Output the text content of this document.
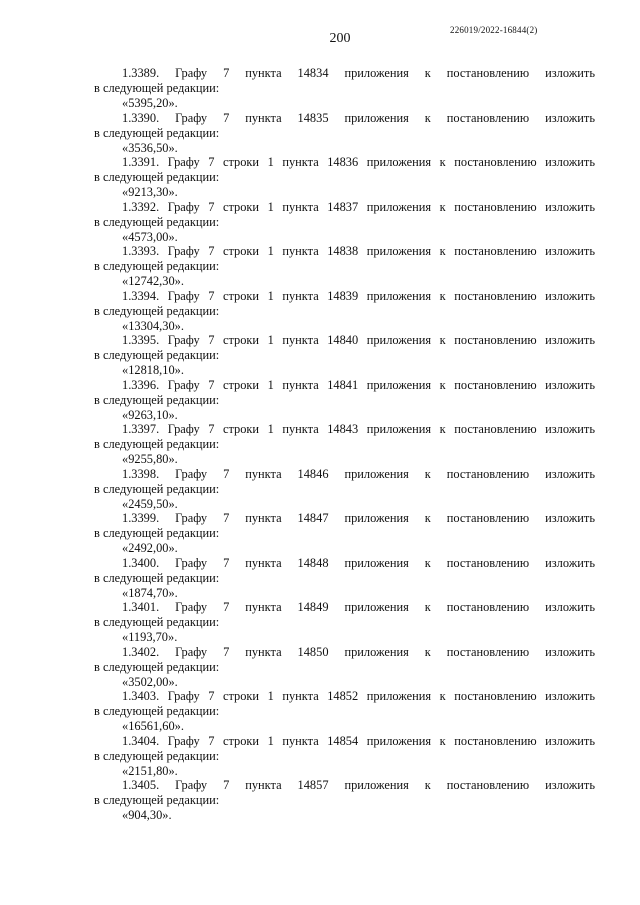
200
226019/2022-16844(2)
1.3389. Графу 7 пункта 14834 приложения к постановлению изложить
в следующей редакции:
«5395,20».
1.3390. Графу 7 пункта 14835 приложения к постановлению изложить
в следующей редакции:
«3536,50».
1.3391. Графу 7 строки 1 пункта 14836 приложения к постановлению изложить
в следующей редакции:
«9213,30».
1.3392. Графу 7 строки 1 пункта 14837 приложения к постановлению изложить
в следующей редакции:
«4573,00».
1.3393. Графу 7 строки 1 пункта 14838 приложения к постановлению изложить
в следующей редакции:
«12742,30».
1.3394. Графу 7 строки 1 пункта 14839 приложения к постановлению изложить
в следующей редакции:
«13304,30».
1.3395. Графу 7 строки 1 пункта 14840 приложения к постановлению изложить
в следующей редакции:
«12818,10».
1.3396. Графу 7 строки 1 пункта 14841 приложения к постановлению изложить
в следующей редакции:
«9263,10».
1.3397. Графу 7 строки 1 пункта 14843 приложения к постановлению изложить
в следующей редакции:
«9255,80».
1.3398. Графу 7 пункта 14846 приложения к постановлению изложить
в следующей редакции:
«2459,50».
1.3399. Графу 7 пункта 14847 приложения к постановлению изложить
в следующей редакции:
«2492,00».
1.3400. Графу 7 пункта 14848 приложения к постановлению изложить
в следующей редакции:
«1874,70».
1.3401. Графу 7 пункта 14849 приложения к постановлению изложить
в следующей редакции:
«1193,70».
1.3402. Графу 7 пункта 14850 приложения к постановлению изложить
в следующей редакции:
«3502,00».
1.3403. Графу 7 строки 1 пункта 14852 приложения к постановлению изложить
в следующей редакции:
«16561,60».
1.3404. Графу 7 строки 1 пункта 14854 приложения к постановлению изложить
в следующей редакции:
«2151,80».
1.3405. Графу 7 пункта 14857 приложения к постановлению изложить
в следующей редакции:
«904,30».
